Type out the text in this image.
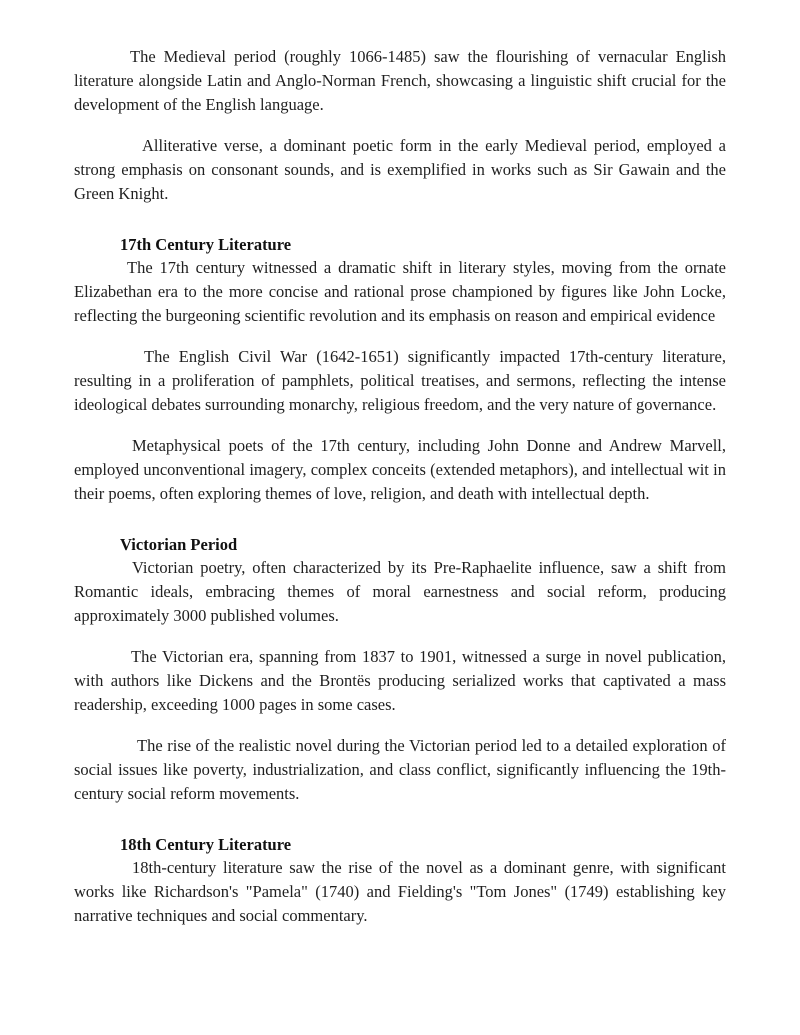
The Medieval period (roughly 1066-1485) saw the flourishing of vernacular English literature alongside Latin and Anglo-Norman French, showcasing a linguistic shift crucial for the development of the English language.

Alliterative verse, a dominant poetic form in the early Medieval period, employed a strong emphasis on consonant sounds, and is exemplified in works such as Sir Gawain and the Green Knight.

17th Century Literature

The 17th century witnessed a dramatic shift in literary styles, moving from the ornate Elizabethan era to the more concise and rational prose championed by figures like John Locke, reflecting the burgeoning scientific revolution and its emphasis on reason and empirical evidence

The English Civil War (1642-1651) significantly impacted 17th-century literature, resulting in a proliferation of pamphlets, political treatises, and sermons, reflecting the intense ideological debates surrounding monarchy, religious freedom, and the very nature of governance.

Metaphysical poets of the 17th century, including John Donne and Andrew Marvell, employed unconventional imagery, complex conceits (extended metaphors), and intellectual wit in their poems, often exploring themes of love, religion, and death with intellectual depth.

Victorian Period

Victorian poetry, often characterized by its Pre-Raphaelite influence, saw a shift from Romantic ideals, embracing themes of moral earnestness and social reform, producing approximately 3000 published volumes.

The Victorian era, spanning from 1837 to 1901, witnessed a surge in novel publication, with authors like Dickens and the Brontës producing serialized works that captivated a mass readership, exceeding 1000 pages in some cases.

The rise of the realistic novel during the Victorian period led to a detailed exploration of social issues like poverty, industrialization, and class conflict, significantly influencing the 19th-century social reform movements.

18th Century Literature

18th-century literature saw the rise of the novel as a dominant genre, with significant works like Richardson's "Pamela" (1740) and Fielding's "Tom Jones" (1749) establishing key narrative techniques and social commentary.
